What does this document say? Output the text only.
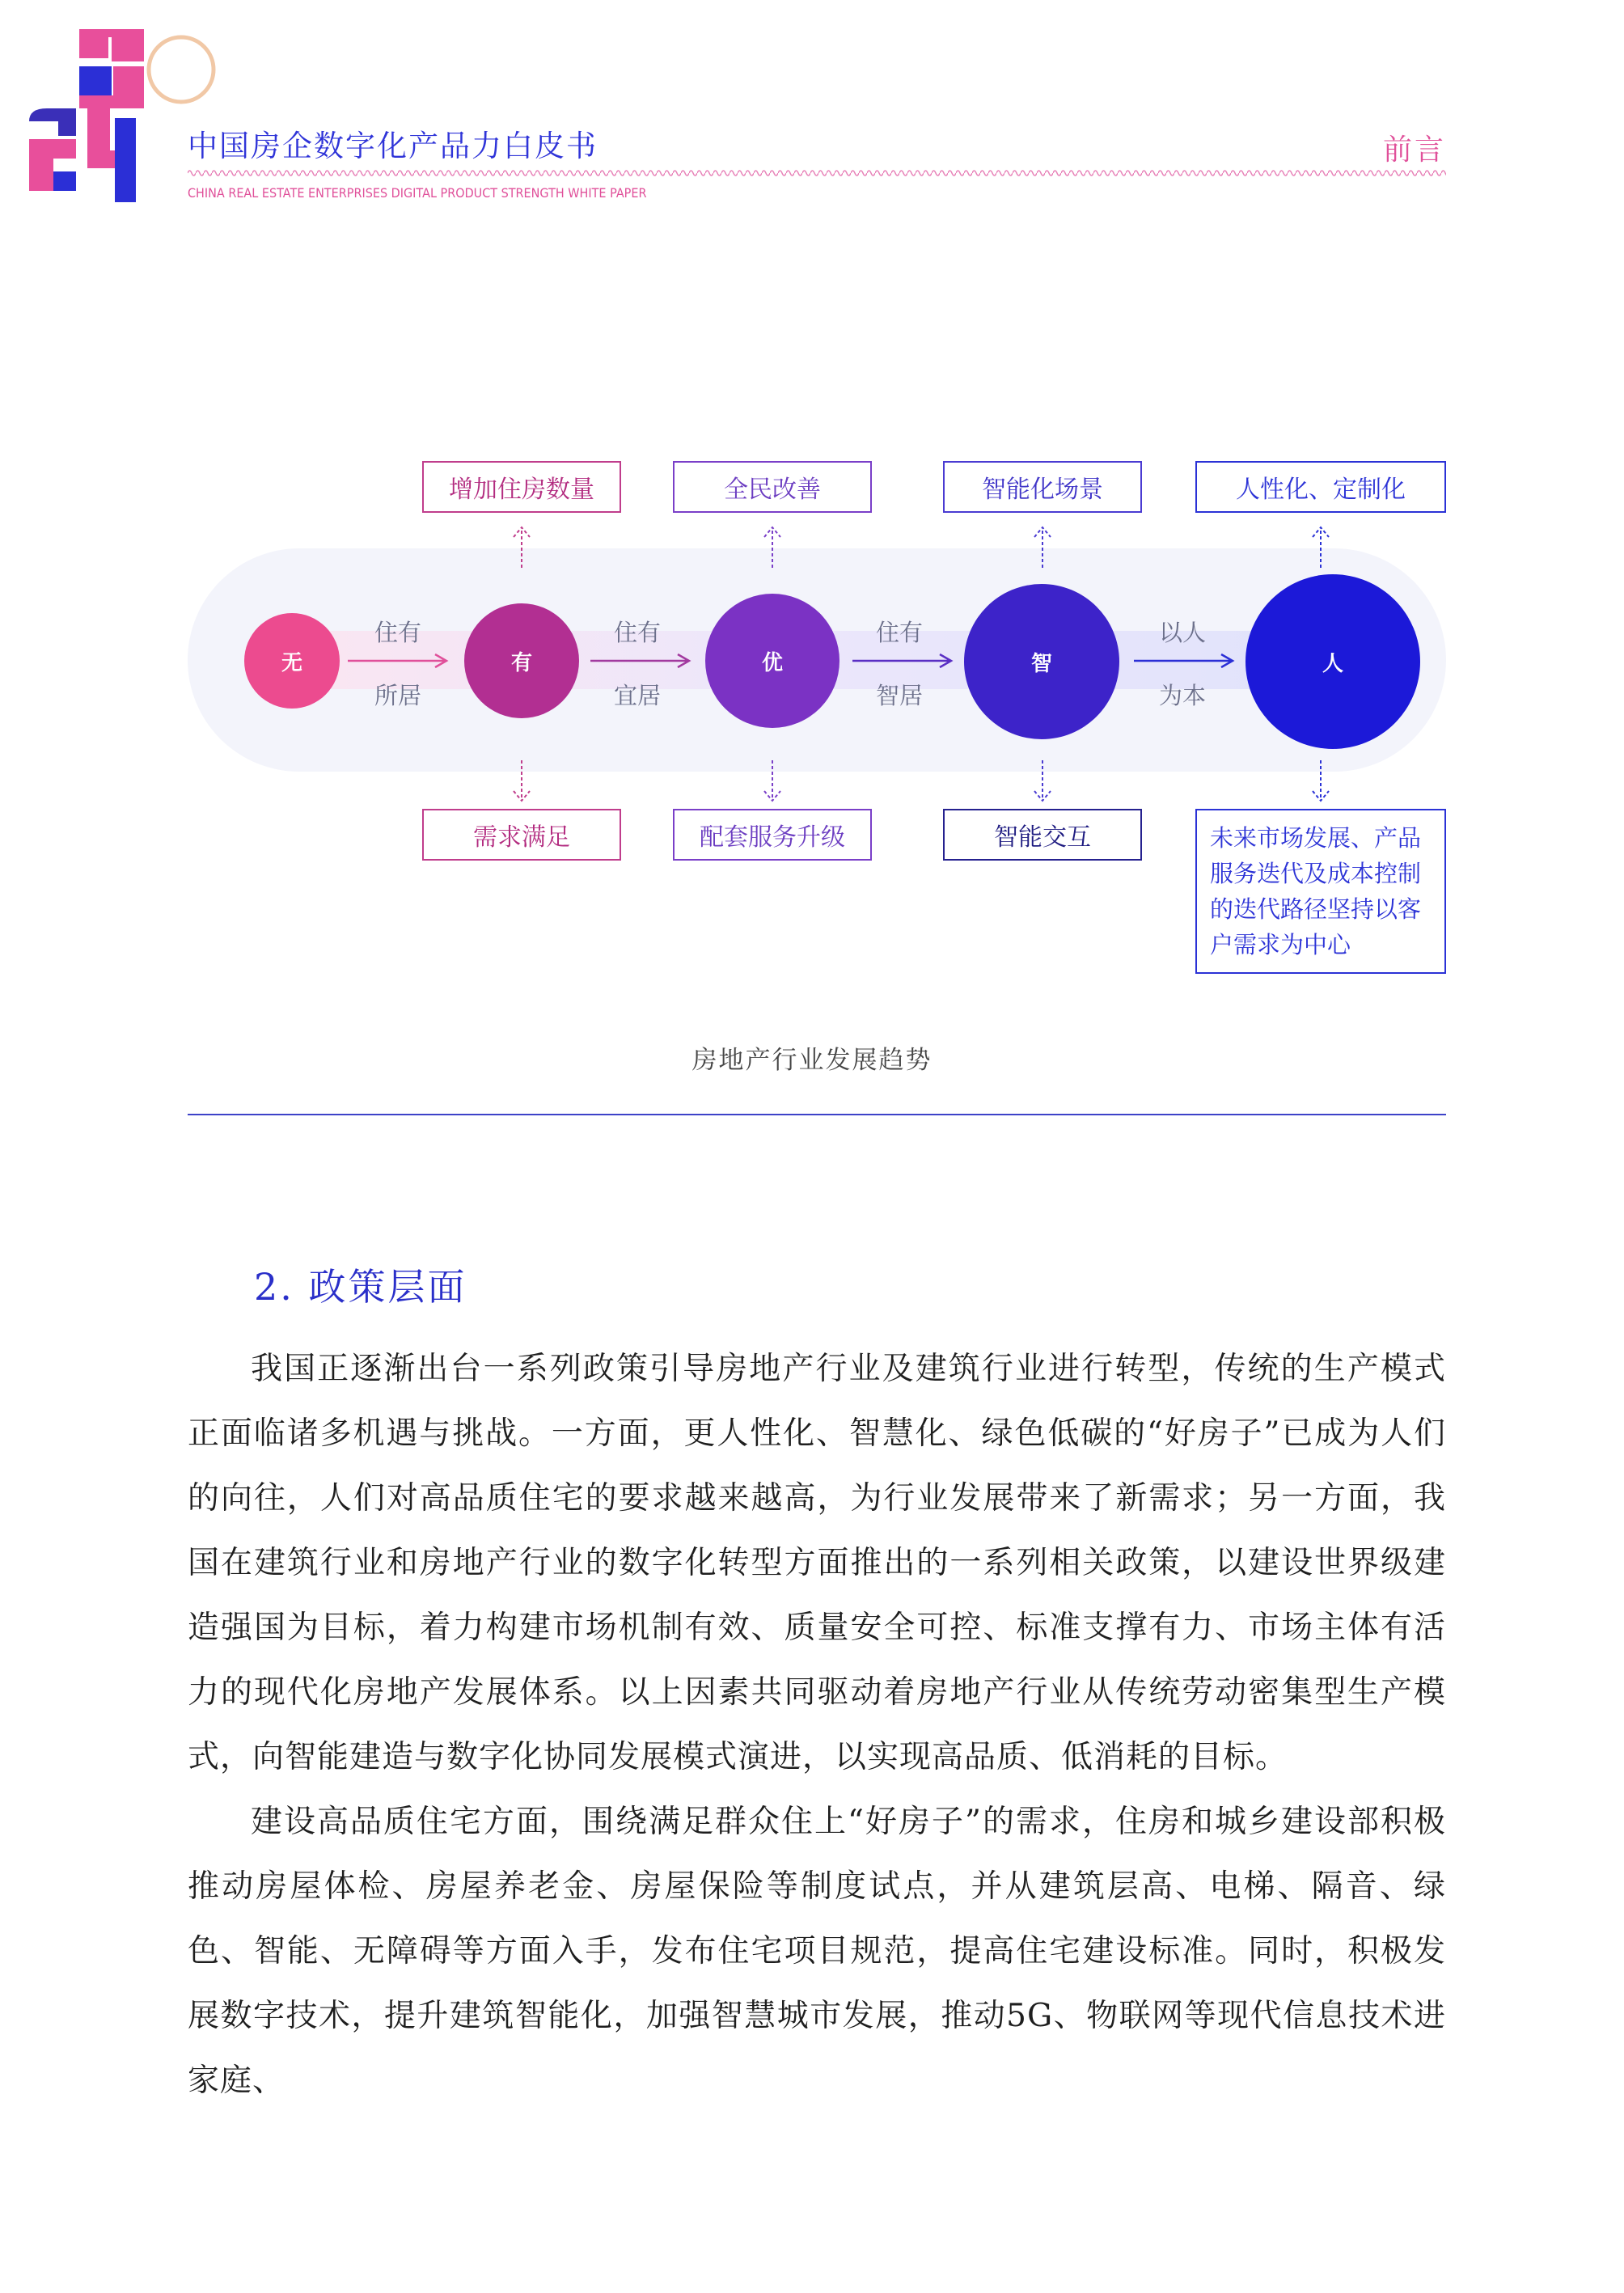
中国房企数字化产品力白皮书	前言
CHINA REAL ESTATE ENTERPRISES DIGITAL PRODUCT STRENGTH WHITE PAPER
增加住房数量	全民改善	智能化场景	人性化、定制化
无	有	优	智	人
住有
所居
住有
宜居
住有
智居
以人
为本
需求满足	配套服务升级	智能交互	未来市场发展、产品服务迭代及成本控制的迭代路径坚持以客户需求为中心
房地产行业发展趋势
2. 政策层面

我国正逐渐出台一系列政策引导房地产行业及建筑行业进行转型，传统的生产模式正面临诸多机遇与挑战。一方面，更人性化、智慧化、绿色低碳的“好房子”已成为人们的向往，人们对高品质住宅的要求越来越高，为行业发展带来了新需求；另一方面，我国在建筑行业和房地产行业的数字化转型方面推出的一系列相关政策，以建设世界级建造强国为目标，着力构建市场机制有效、质量安全可控、标准支撑有力、市场主体有活力的现代化房地产发展体系。以上因素共同驱动着房地产行业从传统劳动密集型生产模式，向智能建造与数字化协同发展模式演进，以实现高品质、低消耗的目标。

建设高品质住宅方面，围绕满足群众住上“好房子”的需求，住房和城乡建设部积极推动房屋体检、房屋养老金、房屋保险等制度试点，并从建筑层高、电梯、隔音、绿色、智能、无障碍等方面入手，发布住宅项目规范，提高住宅建设标准。同时，积极发展数字技术，提升建筑智能化，加强智慧城市发展，推动5G、物联网等现代信息技术进家庭、
